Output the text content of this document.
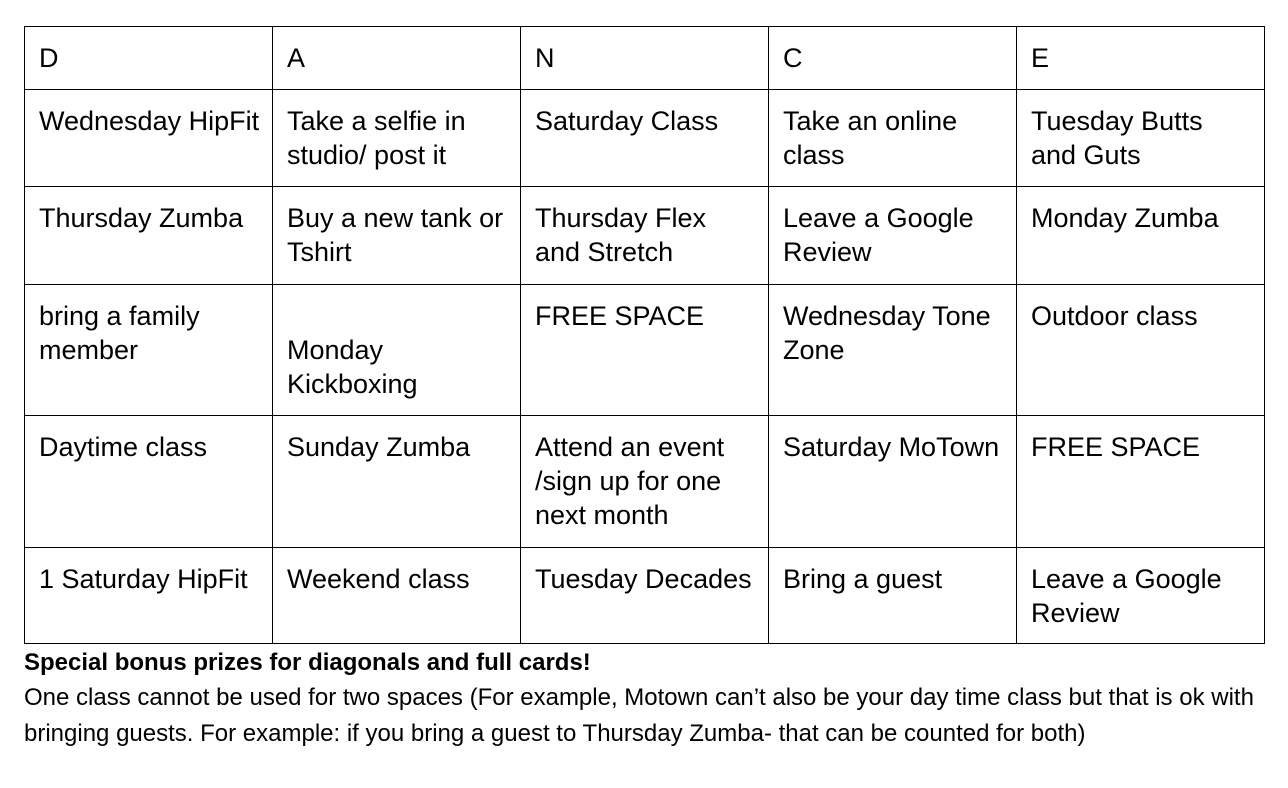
D	A	N	C	E
Wednesday HipFit	Take a selfie in studio/ post it	Saturday Class	Take an online class	Tuesday Butts and Guts
Thursday Zumba	Buy a new tank or Tshirt	Thursday Flex and Stretch	Leave a Google Review	Monday Zumba
bring a family member	Monday Kickboxing	FREE SPACE	Wednesday Tone Zone	Outdoor class
Daytime class	Sunday Zumba	Attend an event /sign up for one next month	Saturday MoTown	FREE SPACE
1 Saturday HipFit	Weekend class	Tuesday Decades	Bring a guest	Leave a Google Review
Special bonus prizes for diagonals and full cards!
One class cannot be used for two spaces (For example, Motown can’t also be your day time class but that is ok with bringing guests. For example: if you bring a guest to Thursday Zumba- that can be counted for both)
